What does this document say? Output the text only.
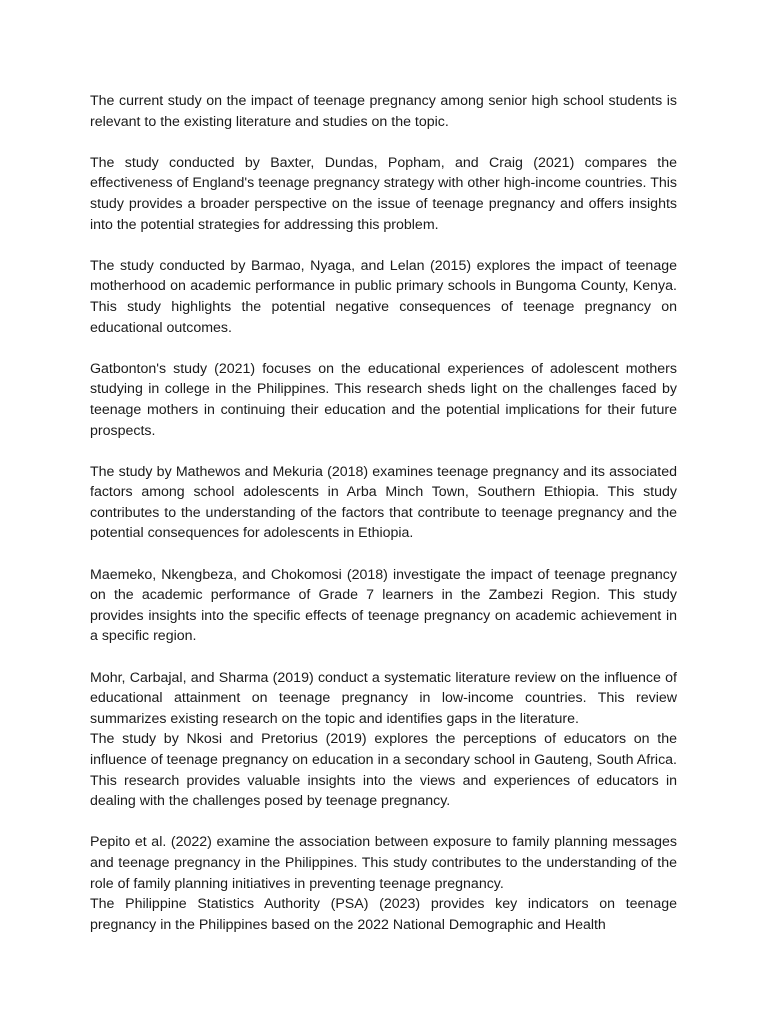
The current study on the impact of teenage pregnancy among senior high school students is relevant to the existing literature and studies on the topic.

The study conducted by Baxter, Dundas, Popham, and Craig (2021) compares the effectiveness of England's teenage pregnancy strategy with other high-income countries. This study provides a broader perspective on the issue of teenage pregnancy and offers insights into the potential strategies for addressing this problem.

The study conducted by Barmao, Nyaga, and Lelan (2015) explores the impact of teenage motherhood on academic performance in public primary schools in Bungoma County, Kenya. This study highlights the potential negative consequences of teenage pregnancy on educational outcomes.

Gatbonton's study (2021) focuses on the educational experiences of adolescent mothers studying in college in the Philippines. This research sheds light on the challenges faced by teenage mothers in continuing their education and the potential implications for their future prospects.

The study by Mathewos and Mekuria (2018) examines teenage pregnancy and its associated factors among school adolescents in Arba Minch Town, Southern Ethiopia. This study contributes to the understanding of the factors that contribute to teenage pregnancy and the potential consequences for adolescents in Ethiopia.

Maemeko, Nkengbeza, and Chokomosi (2018) investigate the impact of teenage pregnancy on the academic performance of Grade 7 learners in the Zambezi Region. This study provides insights into the specific effects of teenage pregnancy on academic achievement in a specific region.

Mohr, Carbajal, and Sharma (2019) conduct a systematic literature review on the influence of educational attainment on teenage pregnancy in low-income countries. This review summarizes existing research on the topic and identifies gaps in the literature.

The study by Nkosi and Pretorius (2019) explores the perceptions of educators on the influence of teenage pregnancy on education in a secondary school in Gauteng, South Africa. This research provides valuable insights into the views and experiences of educators in dealing with the challenges posed by teenage pregnancy.

Pepito et al. (2022) examine the association between exposure to family planning messages and teenage pregnancy in the Philippines. This study contributes to the understanding of the role of family planning initiatives in preventing teenage pregnancy.

The Philippine Statistics Authority (PSA) (2023) provides key indicators on teenage pregnancy in the Philippines based on the 2022 National Demographic and Health
